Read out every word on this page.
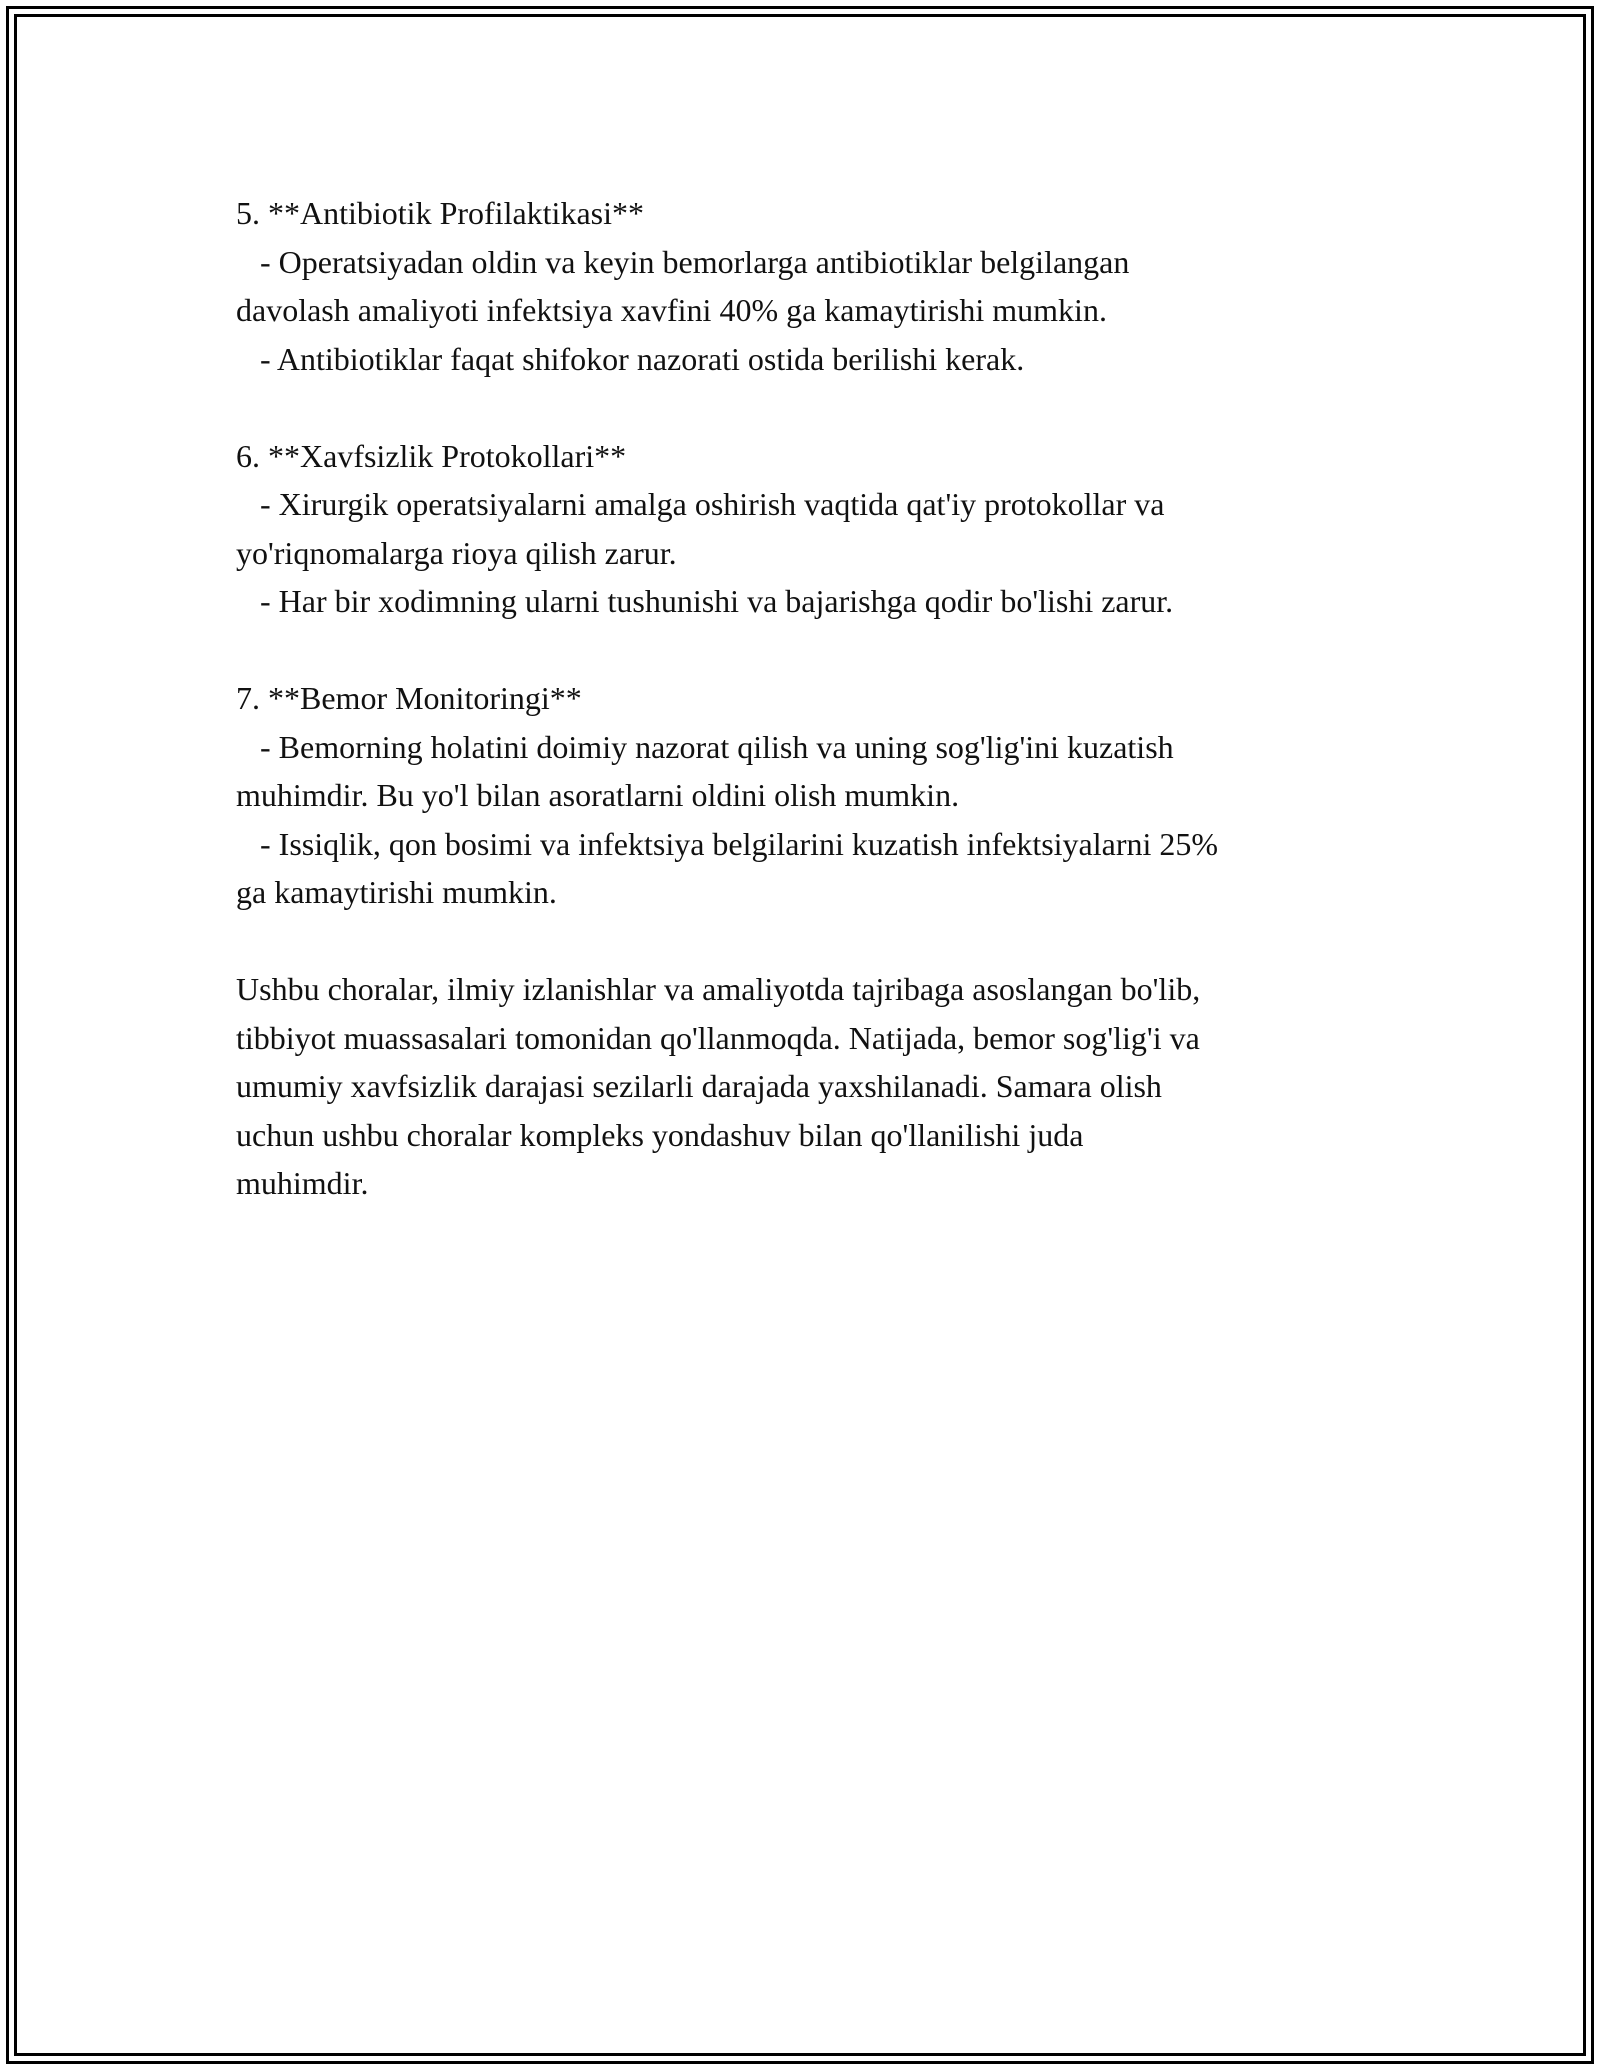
5. **Antibiotik Profilaktikasi**

- Operatsiyadan oldin va keyin bemorlarga antibiotiklar belgilangan

davolash amaliyoti infektsiya xavfini 40% ga kamaytirishi mumkin.

- Antibiotiklar faqat shifokor nazorati ostida berilishi kerak.

6. **Xavfsizlik Protokollari**

- Xirurgik operatsiyalarni amalga oshirish vaqtida qat'iy protokollar va

yo'riqnomalarga rioya qilish zarur.

- Har bir xodimning ularni tushunishi va bajarishga qodir bo'lishi zarur.

7. **Bemor Monitoringi**

- Bemorning holatini doimiy nazorat qilish va uning sog'lig'ini kuzatish

muhimdir. Bu yo'l bilan asoratlarni oldini olish mumkin.

- Issiqlik, qon bosimi va infektsiya belgilarini kuzatish infektsiyalarni 25%

ga kamaytirishi mumkin.

Ushbu choralar, ilmiy izlanishlar va amaliyotda tajribaga asoslangan bo'lib,

tibbiyot muassasalari tomonidan qo'llanmoqda. Natijada, bemor sog'lig'i va

umumiy xavfsizlik darajasi sezilarli darajada yaxshilanadi. Samara olish

uchun ushbu choralar kompleks yondashuv bilan qo'llanilishi juda

muhimdir.
